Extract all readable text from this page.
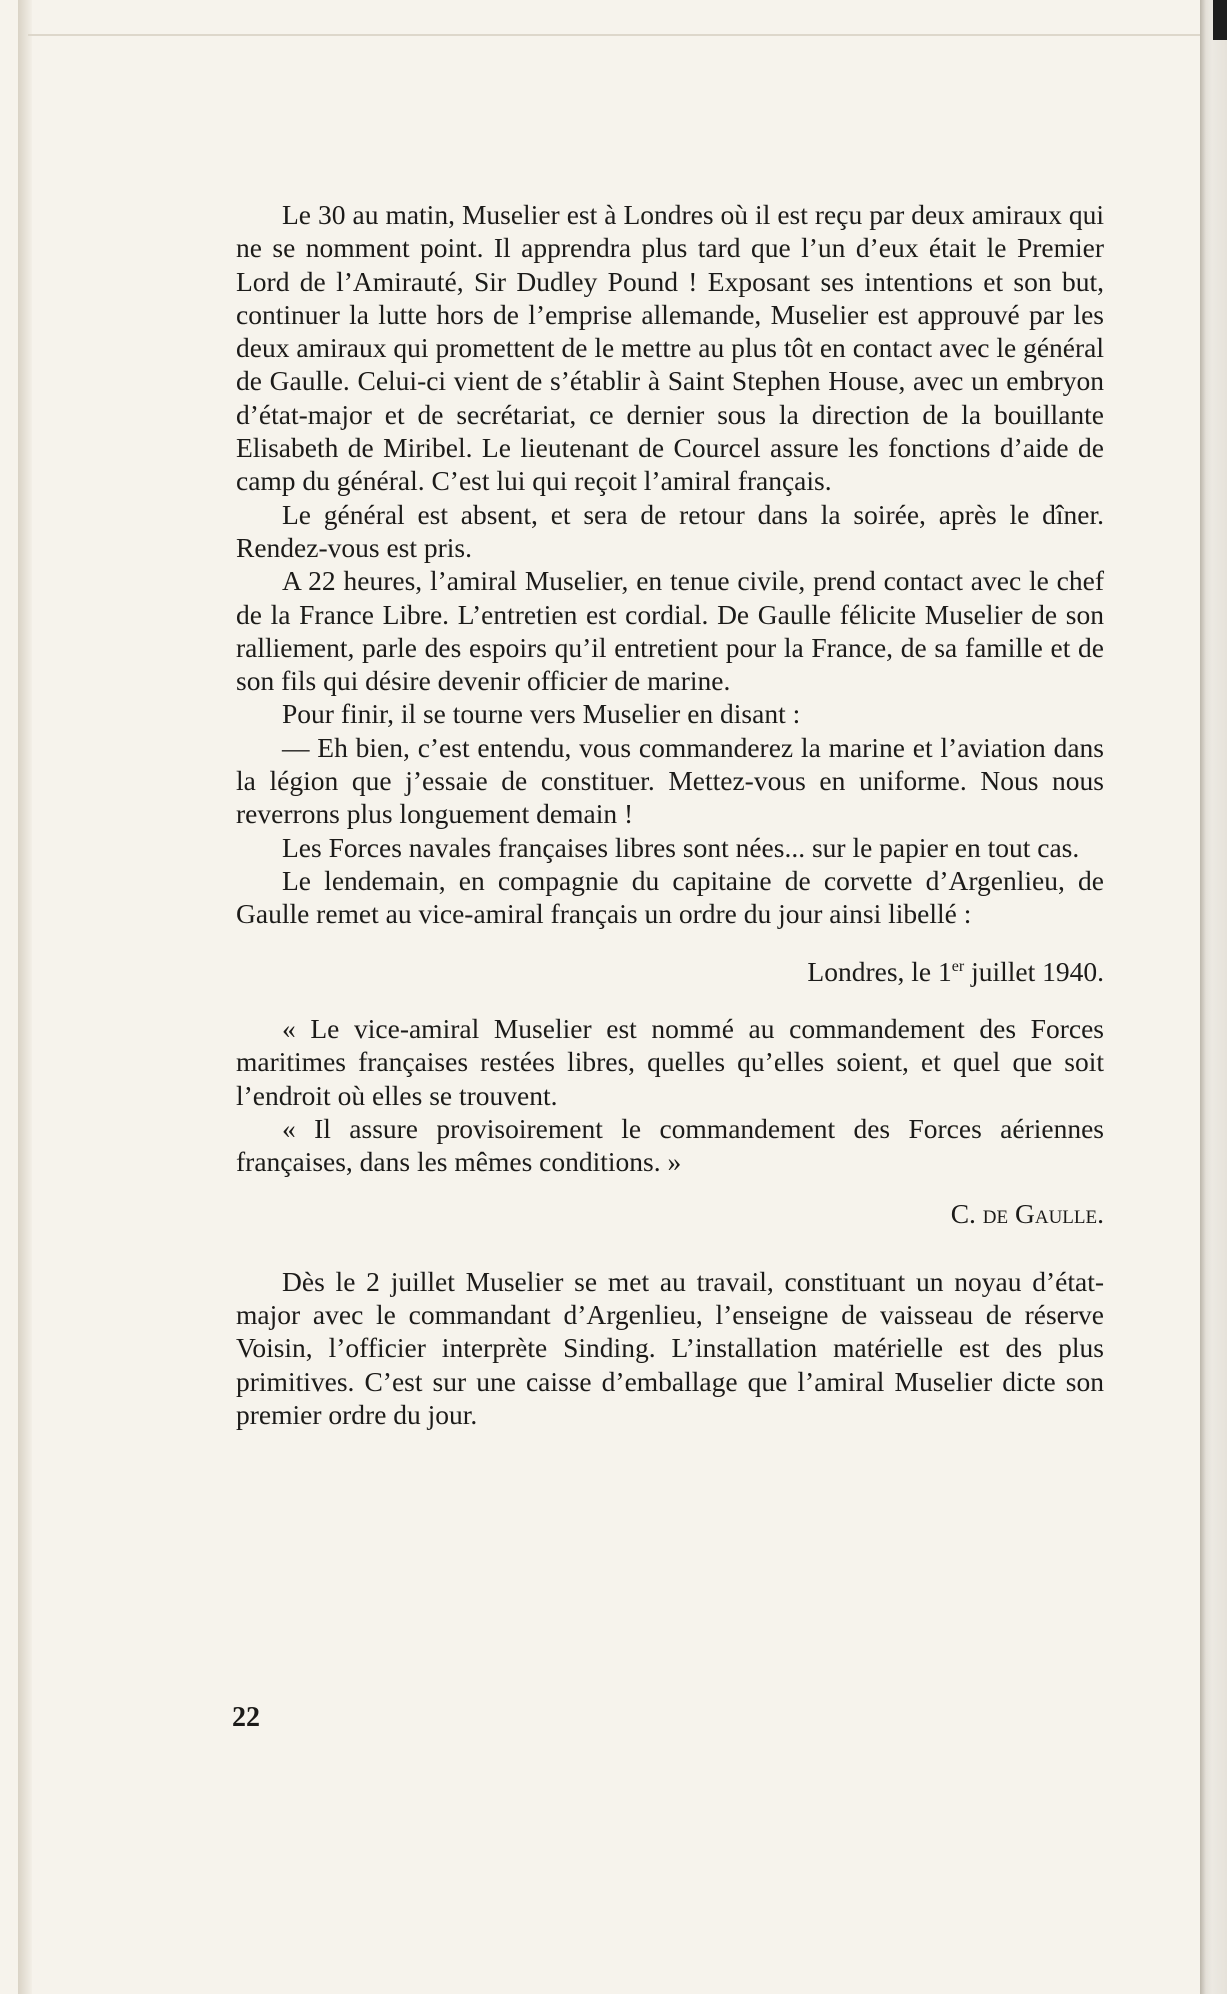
Le 30 au matin, Muselier est à Londres où il est reçu par deux amiraux qui ne se nomment point. Il apprendra plus tard que l’un d’eux était le Premier Lord de l’Amirauté, Sir Dudley Pound ! Exposant ses intentions et son but, continuer la lutte hors de l’emprise allemande, Muselier est approuvé par les deux amiraux qui promettent de le mettre au plus tôt en contact avec le général de Gaulle. Celui-ci vient de s’établir à Saint Stephen House, avec un embryon d’état-major et de secrétariat, ce dernier sous la direction de la bouillante Elisabeth de Miribel. Le lieutenant de Courcel assure les fonctions d’aide de camp du général. C’est lui qui reçoit l’amiral français.

Le général est absent, et sera de retour dans la soirée, après le dîner. Rendez-vous est pris.

A 22 heures, l’amiral Muselier, en tenue civile, prend contact avec le chef de la France Libre. L’entretien est cordial. De Gaulle félicite Muselier de son ralliement, parle des espoirs qu’il entretient pour la France, de sa famille et de son fils qui désire devenir officier de marine.

Pour finir, il se tourne vers Muselier en disant :

— Eh bien, c’est entendu, vous commanderez la marine et l’aviation dans la légion que j’essaie de constituer. Mettez-vous en uniforme. Nous nous reverrons plus longuement demain !

Les Forces navales françaises libres sont nées... sur le papier en tout cas.

Le lendemain, en compagnie du capitaine de corvette d’Argenlieu, de Gaulle remet au vice-amiral français un ordre du jour ainsi libellé :

Londres, le 1er juillet 1940.

« Le vice-amiral Muselier est nommé au commandement des Forces maritimes françaises restées libres, quelles qu’elles soient, et quel que soit l’endroit où elles se trouvent.

« Il assure provisoirement le commandement des Forces aériennes françaises, dans les mêmes conditions. »

C. de Gaulle.

Dès le 2 juillet Muselier se met au travail, constituant un noyau d’état-major avec le commandant d’Argenlieu, l’enseigne de vaisseau de réserve Voisin, l’officier interprète Sinding. L’installation matérielle est des plus primitives. C’est sur une caisse d’emballage que l’amiral Muselier dicte son premier ordre du jour.

22
